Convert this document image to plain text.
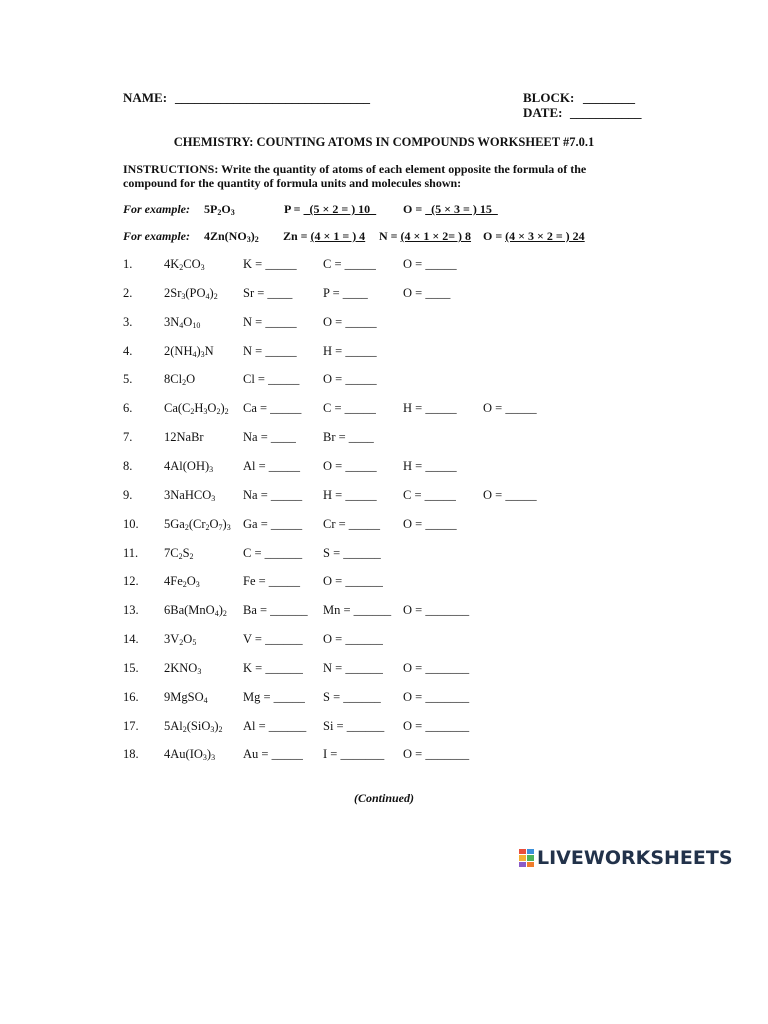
NAME: ______________________________	BLOCK: ________
DATE: ___________
CHEMISTRY: COUNTING ATOMS IN COMPOUNDS WORKSHEET #7.0.1
INSTRUCTIONS: Write the quantity of atoms of each element opposite the formula of the
compound for the quantity of formula units and molecules shown:
For example: $5P_2O_3$	P =   (5 × 2 = ) 10 O =   (5 × 3 = ) 15
For example: $4Zn(NO_3)_2$ Zn = (4 × 1 = ) 4 N = (4 × 1 × 2= ) 8 O = (4 × 3 × 2 = ) 24
1.	$4K_2CO_3$	K = _____ C = _____ O = _____
2.	$2Sr_3(PO_4)_2$ Sr = ____ P = ____	O = ____
3.	$3N_4O_{10}$	N = _____ O = _____
4.	$2(NH_4)_3N$ N = _____ H = _____
5.	$8Cl_2O$	Cl = _____ O = _____
6.	$Ca(C_2H_3O_2)_2$ Ca = _____ C = _____ H = _____ O = _____
7.	12NaBr	Na = ____ Br = ____
8.	$4Al(OH)_3$ Al = _____ O = _____ H = _____
9.	3NaHCO$_3$ Na = _____ H = _____ C = _____ O = _____
10. $5Ga_2(Cr_2O_7)_3$ Ga = _____ Cr = _____ O = _____
11. $7C_2S_2$	C = ______ S = ______
12. $4Fe_2O_3$	Fe = _____ O = ______
13. $6Ba(MnO_4)_2$ Ba = ______ Mn = ______ O = _______
14. $3V_2O_5$	V = ______ O = ______
15. $2KNO_3$	K = ______ N = ______ O = _______
16. 9MgSO$_4$	Mg = _____ S = ______ O = _______
17. $5Al_2(SiO_3)_2$ Al = ______ Si = ______ O = _______
18. $4Au(IO_3)_3$ Au = _____ I = _______ O = _______
(Continued)
LIVEWORKSHEETS
